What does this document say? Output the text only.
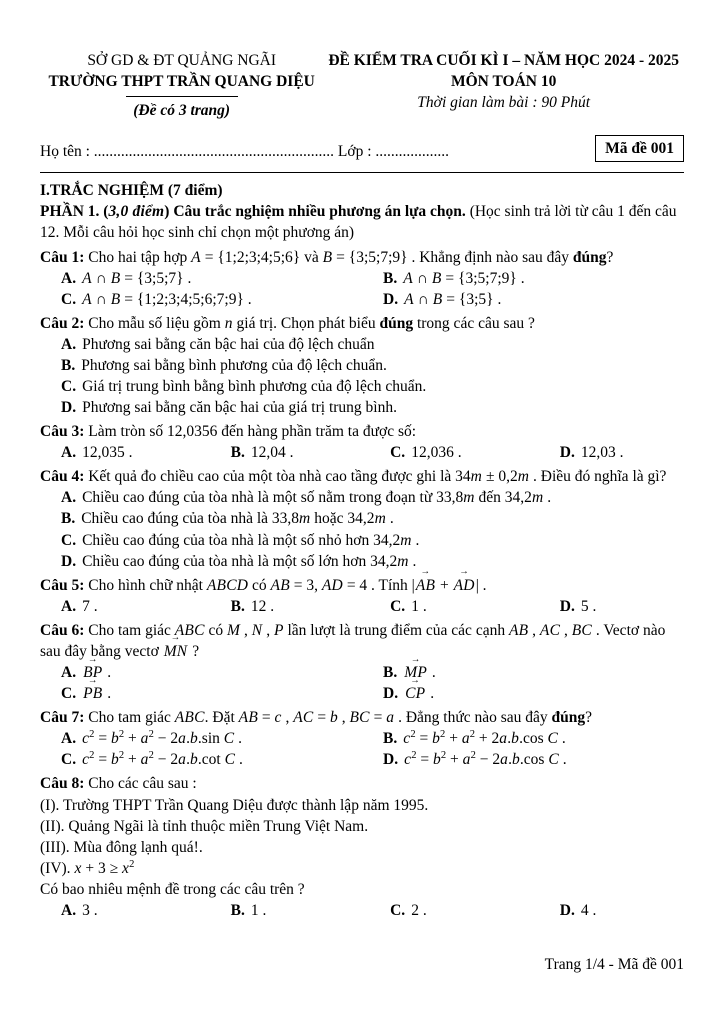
SỞ GD & ĐT QUẢNG NGÃI
TRƯỜNG THPT TRẦN QUANG DIỆU
(Đề có 3 trang)
ĐỀ KIỂM TRA CUỐI KÌ I – NĂM HỌC 2024 - 2025
MÔN TOÁN 10
Thời gian làm bài : 90 Phút
Họ tên : .............................................................. Lớp : ...................	Mã đề 001
I.TRẮC NGHIỆM (7 điểm)
PHẦN 1. (3,0 điểm) Câu trắc nghiệm nhiều phương án lựa chọn. (Học sinh trả lời từ câu 1 đến câu 12. Mỗi câu hỏi học sinh chỉ chọn một phương án)
Câu 1: Cho hai tập hợp A = {1;2;3;4;5;6} và B = {3;5;7;9} . Khẳng định nào sau đây đúng?
A. A ∩ B = {3;5;7} .	B. A ∩ B = {3;5;7;9} .
C. A ∩ B = {1;2;3;4;5;6;7;9} .	D. A ∩ B = {3;5} .
Câu 2: Cho mẫu số liệu gồm n giá trị. Chọn phát biểu đúng trong các câu sau ?
A. Phương sai bằng căn bậc hai của độ lệch chuẩn
B. Phương sai bằng bình phương của độ lệch chuẩn.
C. Giá trị trung bình bằng bình phương của độ lệch chuẩn.
D. Phương sai bằng căn bậc hai của giá trị trung bình.
Câu 3: Làm tròn số 12,0356 đến hàng phần trăm ta được số:
A. 12,035 .	B. 12,04 .	C. 12,036 .	D. 12,03 .
Câu 4: Kết quả đo chiều cao của một tòa nhà cao tầng được ghi là 34m ± 0,2m . Điều đó nghĩa là gì?
A. Chiều cao đúng của tòa nhà là một số nằm trong đoạn từ 33,8m đến 34,2m .
B. Chiều cao đúng của tòa nhà là 33,8m hoặc 34,2m .
C. Chiều cao đúng của tòa nhà là một số nhỏ hơn 34,2m .
D. Chiều cao đúng của tòa nhà là một số lớn hơn 34,2m .
Câu 5: Cho hình chữ nhật ABCD có AB = 3, AD = 4 . Tính |→ AB + → AD| .
A. 7 .	B. 12 .	C. 1 .	D. 5 .
Câu 6: Cho tam giác ABC có M , N , P lần lượt là trung điểm của các cạnh AB , AC , BC . Vectơ nào sau đây bằng vectơ → MN ?
A. → BP .	B. → MP .
C. → PB .	D. → CP .
Câu 7: Cho tam giác ABC. Đặt AB = c , AC = b , BC = a . Đẳng thức nào sau đây đúng?
A. $c^2 = b^2 + a^2 - 2a.b.\sin$ C .	B. $c^2 = b^2 + a^2 + 2a.b.\cos$ C .
C. $c^2 = b^2 + a^2 - 2a.b.\cot$ C .	D. $c^2 = b^2 + a^2 - 2a.b.\cos$ C .
Câu 8: Cho các câu sau :
(I). Trường THPT Trần Quang Diệu được thành lập năm 1995.
(II). Quảng Ngãi là tỉnh thuộc miền Trung Việt Nam.
(III). Mùa đông lạnh quá!.
(IV). $x + 3 \ge x^2$
Có bao nhiêu mệnh đề trong các câu trên ?
A. 3 .	B. 1 .	C. 2 .	D. 4 .
Trang 1/4 - Mã đề 001
